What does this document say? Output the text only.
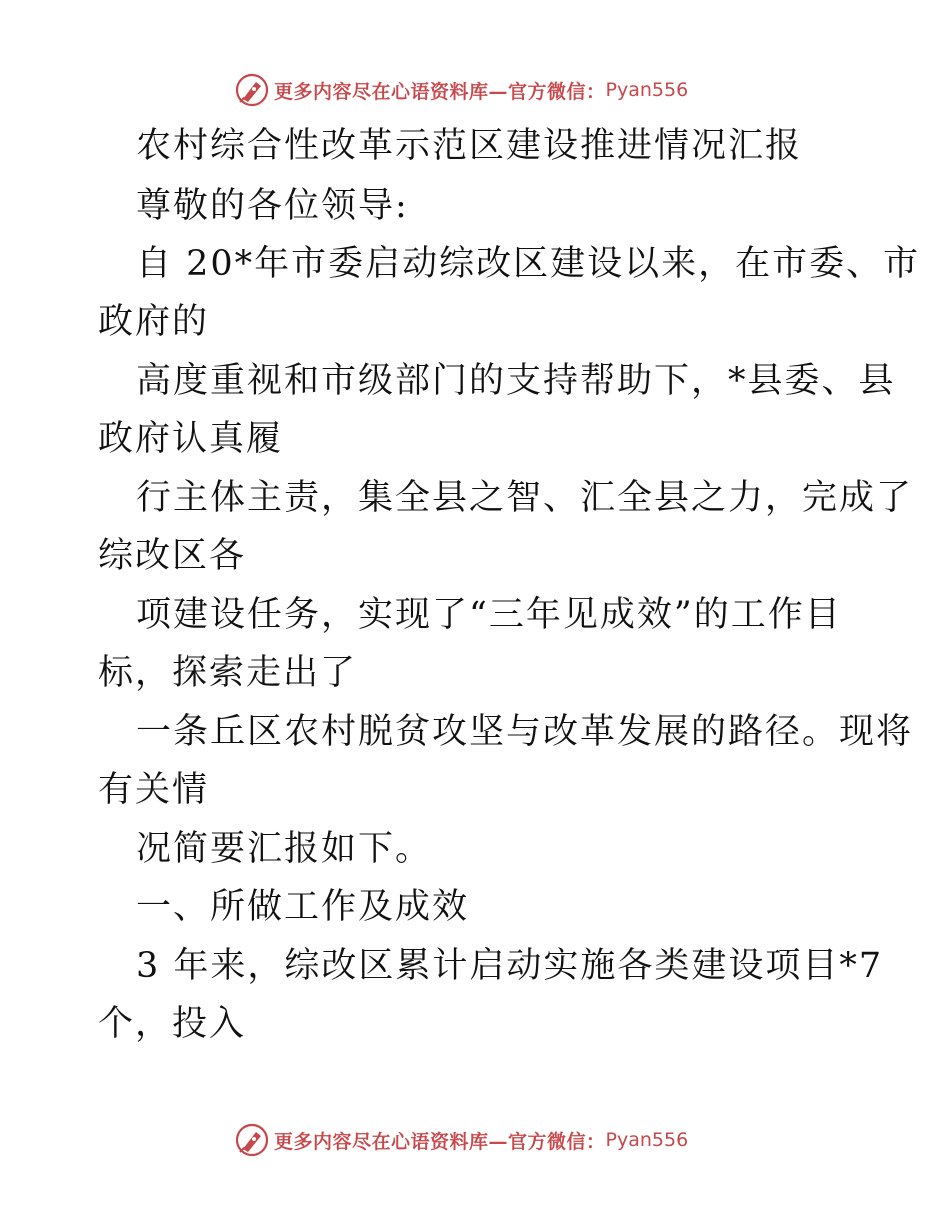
更多内容尽在心语资料库—官方微信： Pyan556
农村综合性改革示范区建设推进情况汇报
尊敬的各位领导:
自 20*年市委启动综改区建设以来，在市委、市
政府的
高度重视和市级部门的支持帮助下，*县委、县
政府认真履
行主体主责，集全县之智、汇全县之力，完成了
综改区各
项建设任务，实现了“三年见成效”的工作目
标，探索走出了
一条丘区农村脱贫攻坚与改革发展的路径。现将
有关情
况简要汇报如下。
一、所做工作及成效
3 年来，综改区累计启动实施各类建设项目*7
个，投入
更多内容尽在心语资料库—官方微信： Pyan556
